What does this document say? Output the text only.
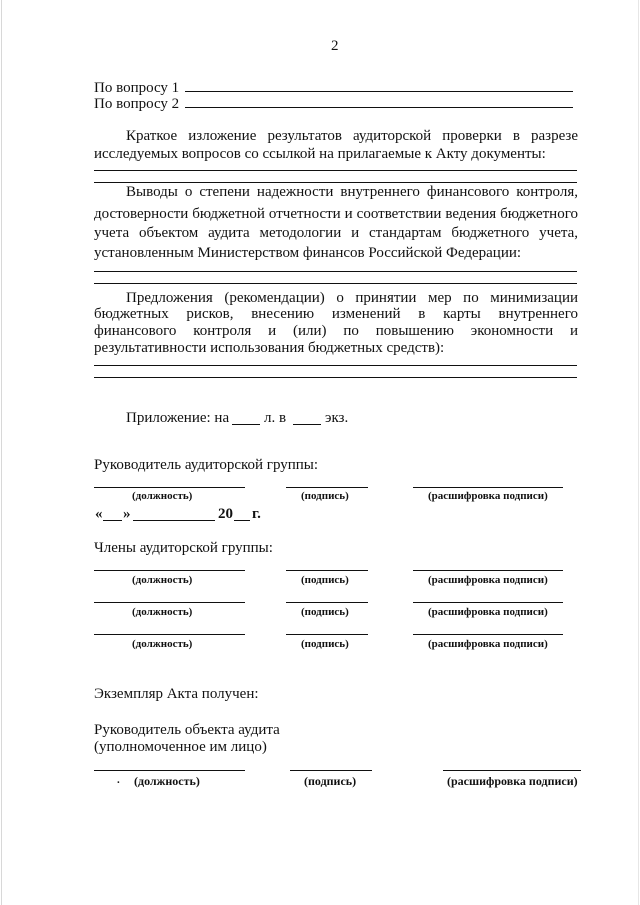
2
По вопросу 1
По вопросу 2
Краткое изложение результатов аудиторской проверки в разрезе
исследуемых вопросов со ссылкой на прилагаемые к Акту документы:
Выводы о степени надежности внутреннего финансового контроля,
достоверности бюджетной отчетности и соответствии ведения бюджетного
учета объектом аудита методологии и стандартам бюджетного учета,
установленным Министерством финансов Российской Федерации:
Предложения (рекомендации) о принятии мер по минимизации
бюджетных рисков, внесению изменений в карты внутреннего
финансового контроля и (или) по повышению экономности и
результативности использования бюджетных средств):
Приложение: на л. в	экз.
Руководитель аудиторской группы:
(должность)	(подпись)	(расшифровка подписи)
« »	20 г.
Члены аудиторской группы:
(должность)	(подпись)	(расшифровка подписи)
(должность)	(подпись)	(расшифровка подписи)
(должность)	(подпись)	(расшифровка подписи)
Экземпляр Акта получен:
Руководитель объекта аудита
(уполномоченное им лицо)
. (должность)	(подпись)	(расшифровка подписи)
